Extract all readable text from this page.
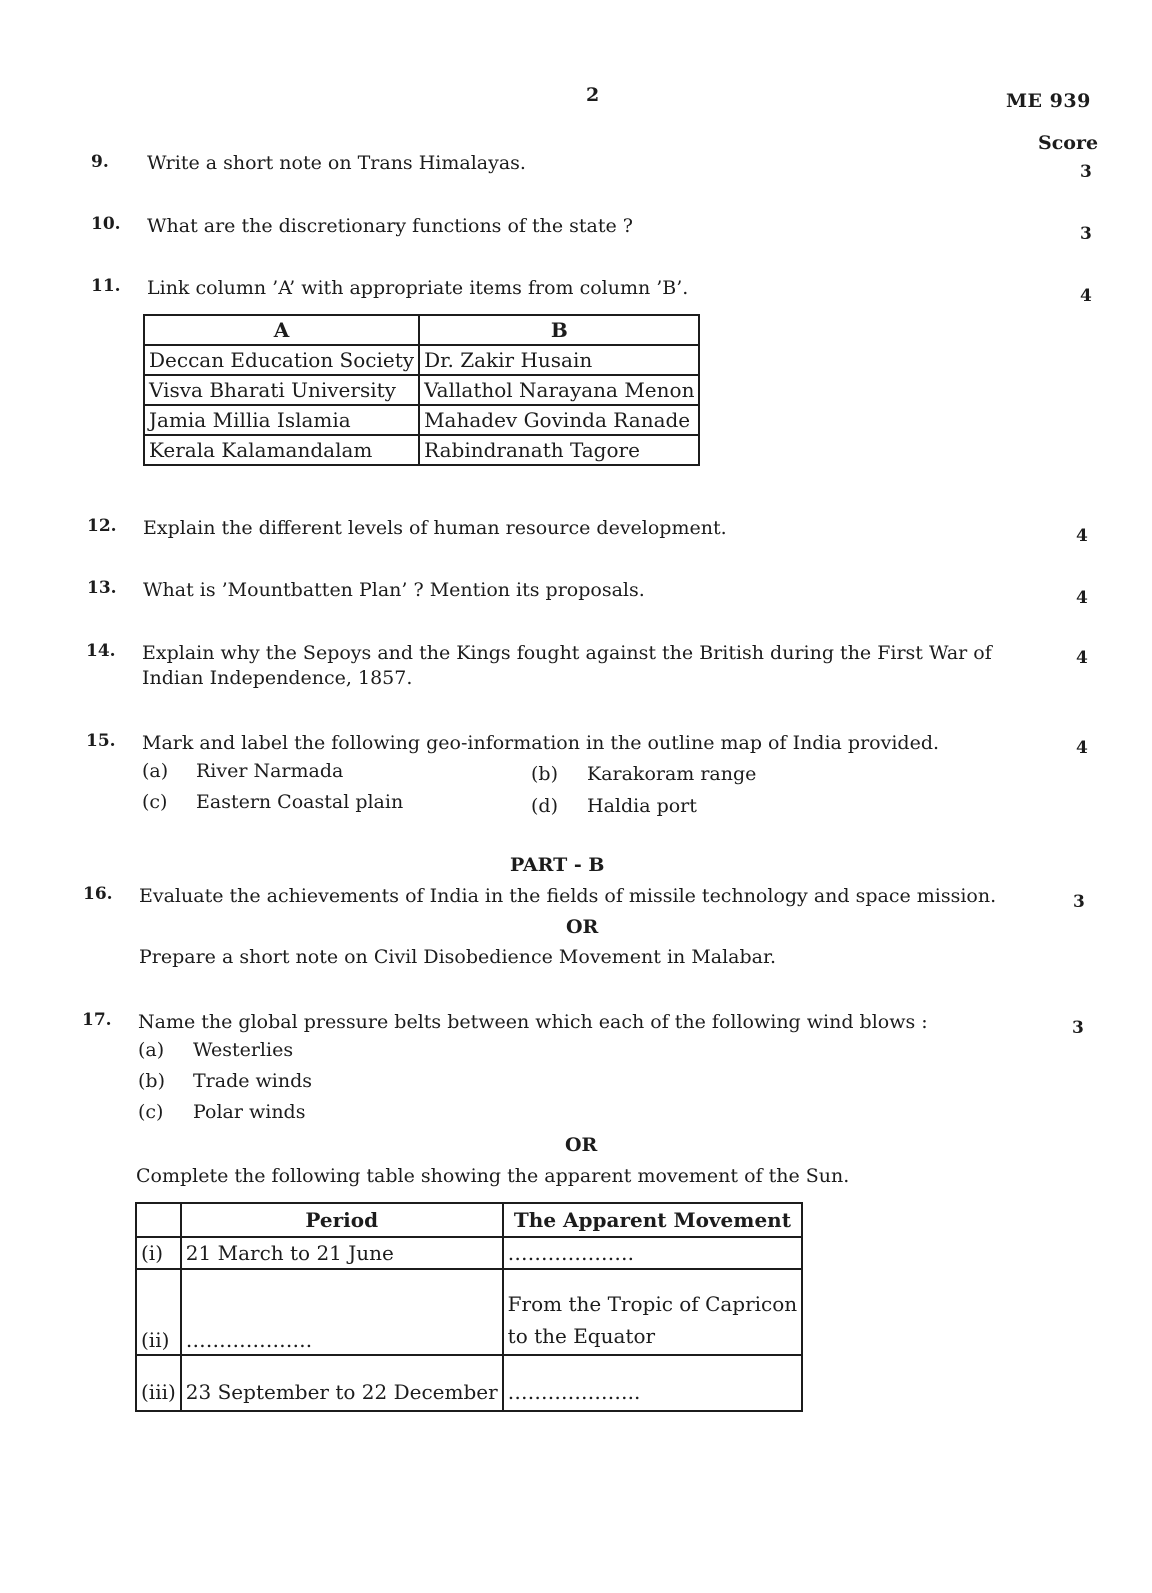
2	ME 939
Score
9. Write a short note on Trans Himalayas.	3
10. What are the discretionary functions of the state ?	3
11. Link column ’A’ with appropriate items from column ’B’.	4
A	B
Deccan Education Society	Dr. Zakir Husain
Visva Bharati University	Vallathol Narayana Menon
Jamia Millia Islamia	Mahadev Govinda Ranade
Kerala Kalamandalam	Rabindranath Tagore
12. Explain the different levels of human resource development.	4
13. What is ’Mountbatten Plan’ ? Mention its proposals.	4
14. Explain why the Sepoys and the Kings fought against the British during the First War of
Indian Independence, 1857.
4
15. Mark and label the following geo-information in the outline map of India provided.	4
(a) River Narmada	(b) Karakoram range
(c) Eastern Coastal plain	(d) Haldia port
PART - B
16. Evaluate the achievements of India in the fields of missile technology and space mission.	3
OR
Prepare a short note on Civil Disobedience Movement in Malabar.
17. Name the global pressure belts between which each of the following wind blows :	3
(a) Westerlies
(b) Trade winds
(c) Polar winds
OR
Complete the following table showing the apparent movement of the Sun.
	Period	The Apparent Movement
(i)	21 March to 21 June	……………….
(ii)	……………….	From the Tropic of Capricon
to the Equator

(iii)	23 September to 22 December	………………..
